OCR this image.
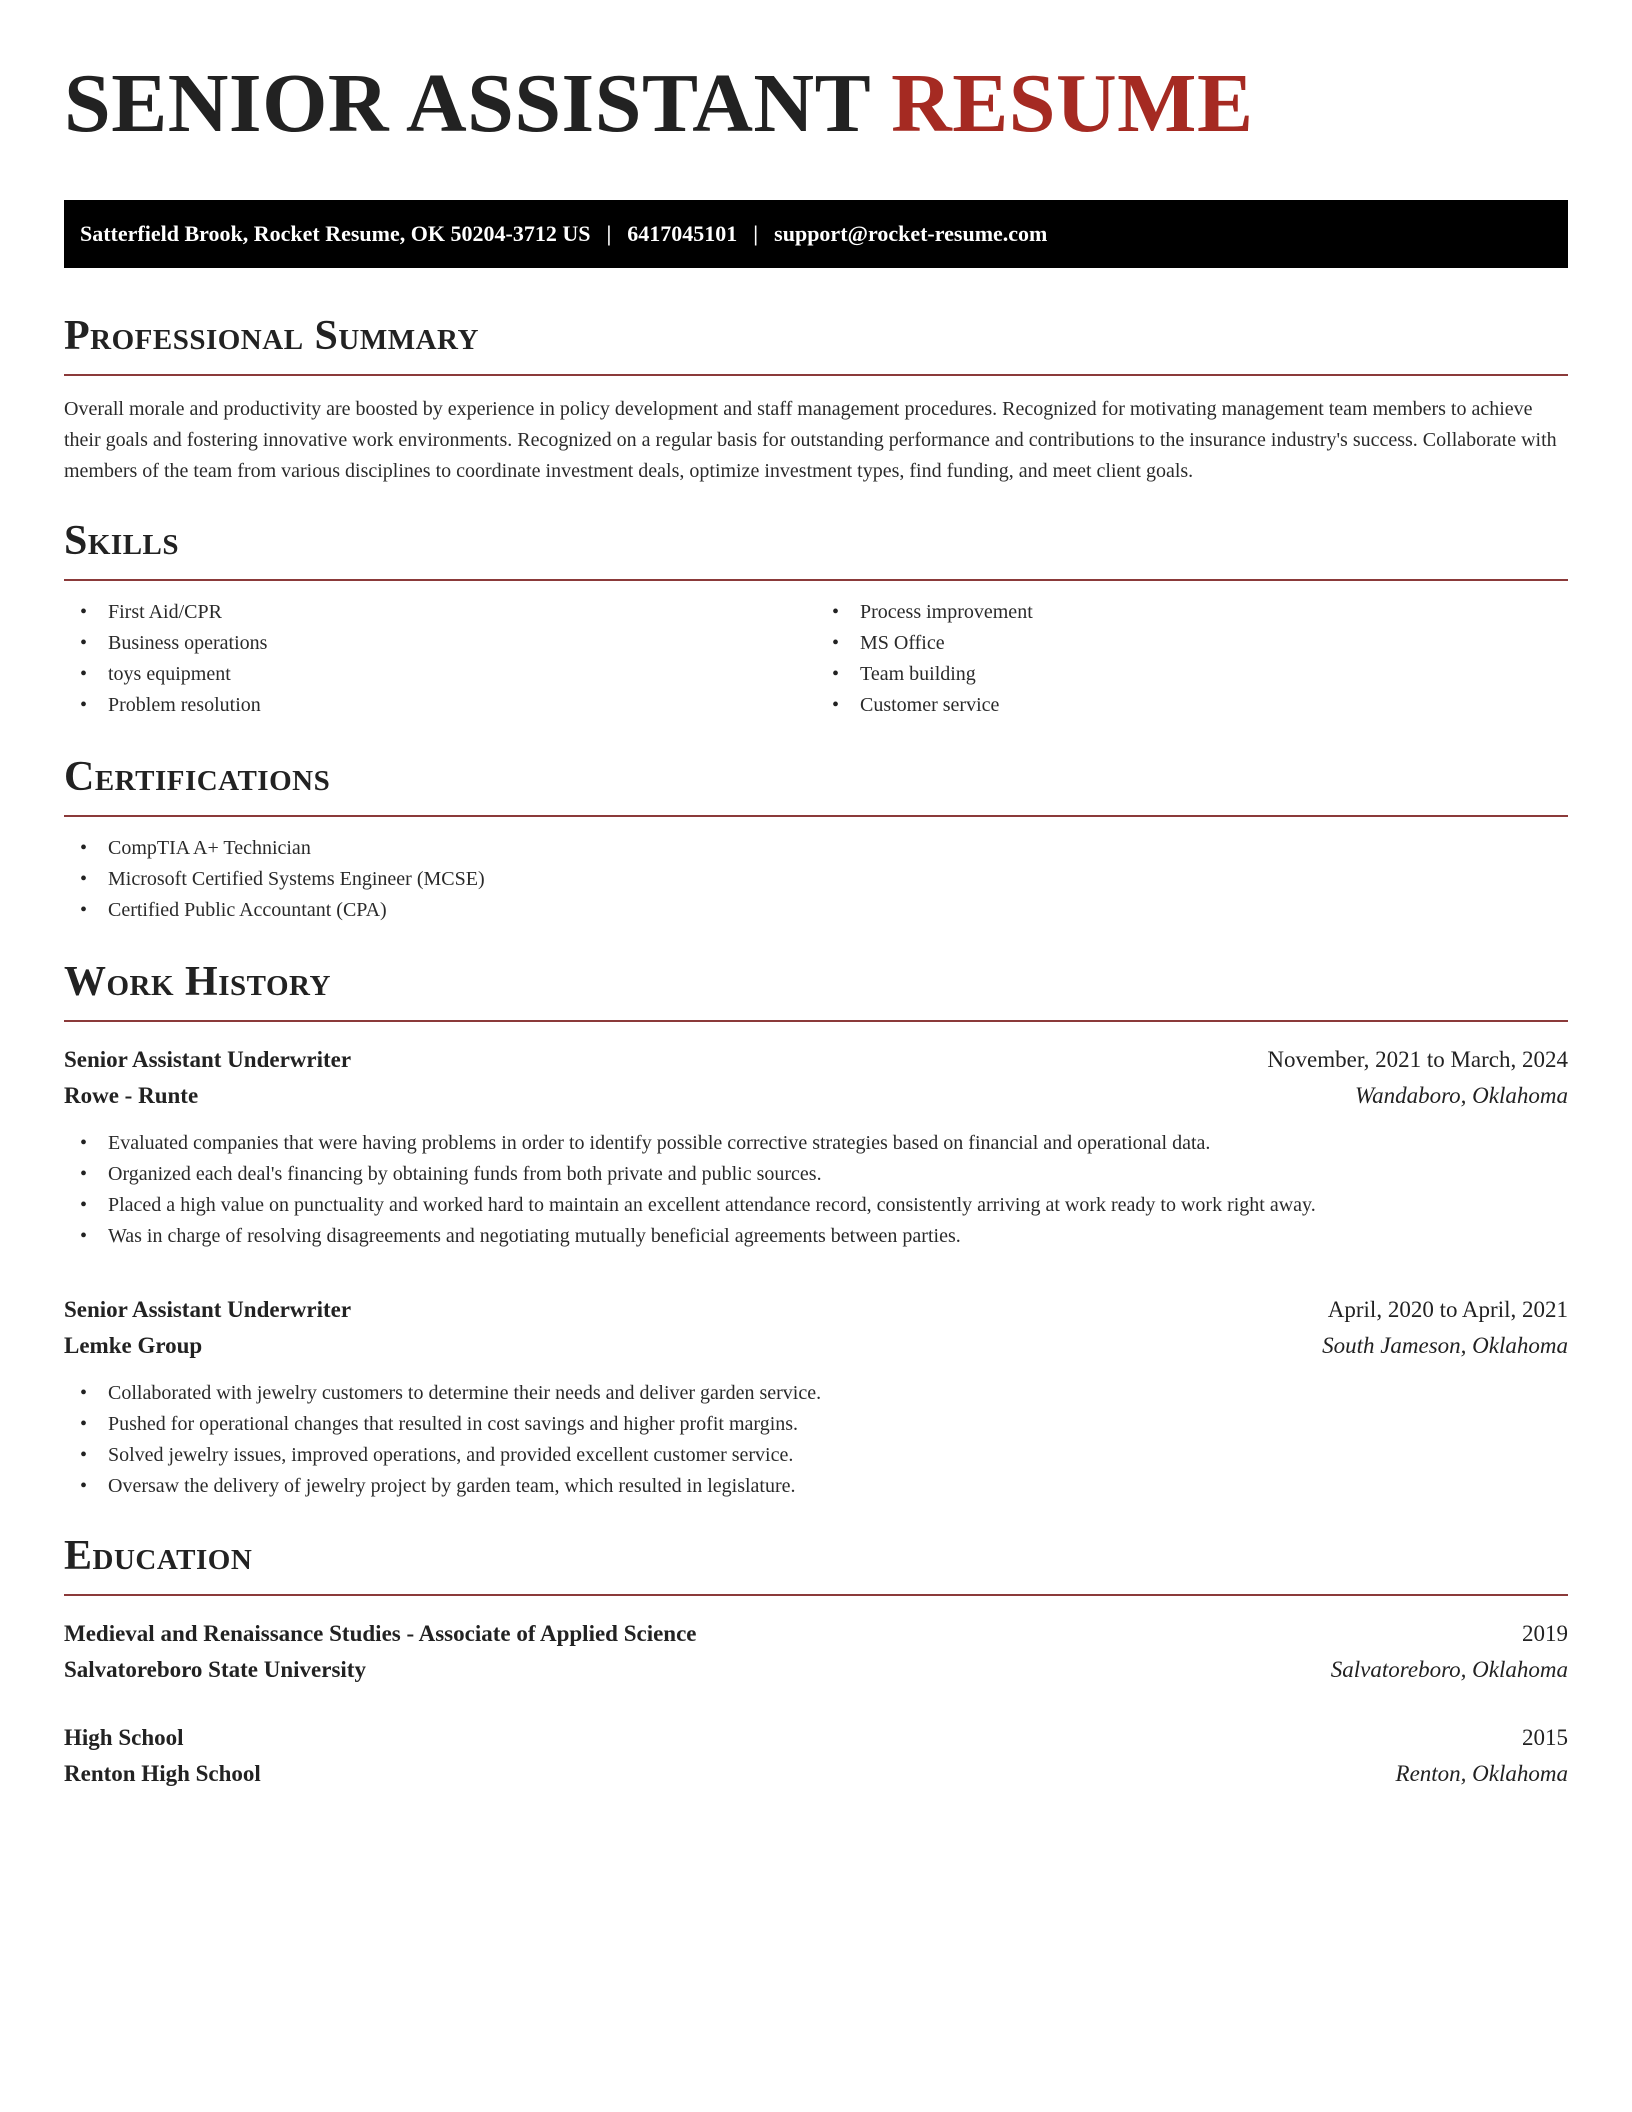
SENIOR ASSISTANT RESUME
Satterfield Brook, Rocket Resume, OK 50204-3712 US | 6417045101 | support@rocket-resume.com
Professional Summary

Overall morale and productivity are boosted by experience in policy development and staff management procedures. Recognized for motivating management team members to achieve their goals and fostering innovative work environments. Recognized on a regular basis for outstanding performance and contributions to the insurance industry's success. Collaborate with members of the team from various disciplines to coordinate investment deals, optimize investment types, find funding, and meet client goals.

Skills
• First Aid/CPR
• Business operations
• toys equipment
• Problem resolution
• Process improvement
• MS Office
• Team building
• Customer service
Certifications
• CompTIA A+ Technician
• Microsoft Certified Systems Engineer (MCSE)
• Certified Public Accountant (CPA)
Work History
Senior Assistant Underwriter	November, 2021 to March, 2024
Rowe - Runte	Wandaboro, Oklahoma
• Evaluated companies that were having problems in order to identify possible corrective strategies based on financial and operational data.
• Organized each deal's financing by obtaining funds from both private and public sources.
• Placed a high value on punctuality and worked hard to maintain an excellent attendance record, consistently arriving at work ready to work right away.
• Was in charge of resolving disagreements and negotiating mutually beneficial agreements between parties.
Senior Assistant Underwriter	April, 2020 to April, 2021
Lemke Group	South Jameson, Oklahoma
• Collaborated with jewelry customers to determine their needs and deliver garden service.
• Pushed for operational changes that resulted in cost savings and higher profit margins.
• Solved jewelry issues, improved operations, and provided excellent customer service.
• Oversaw the delivery of jewelry project by garden team, which resulted in legislature.
Education
Medieval and Renaissance Studies - Associate of Applied Science	2019
Salvatoreboro State University	Salvatoreboro, Oklahoma
High School	2015
Renton High School	Renton, Oklahoma
